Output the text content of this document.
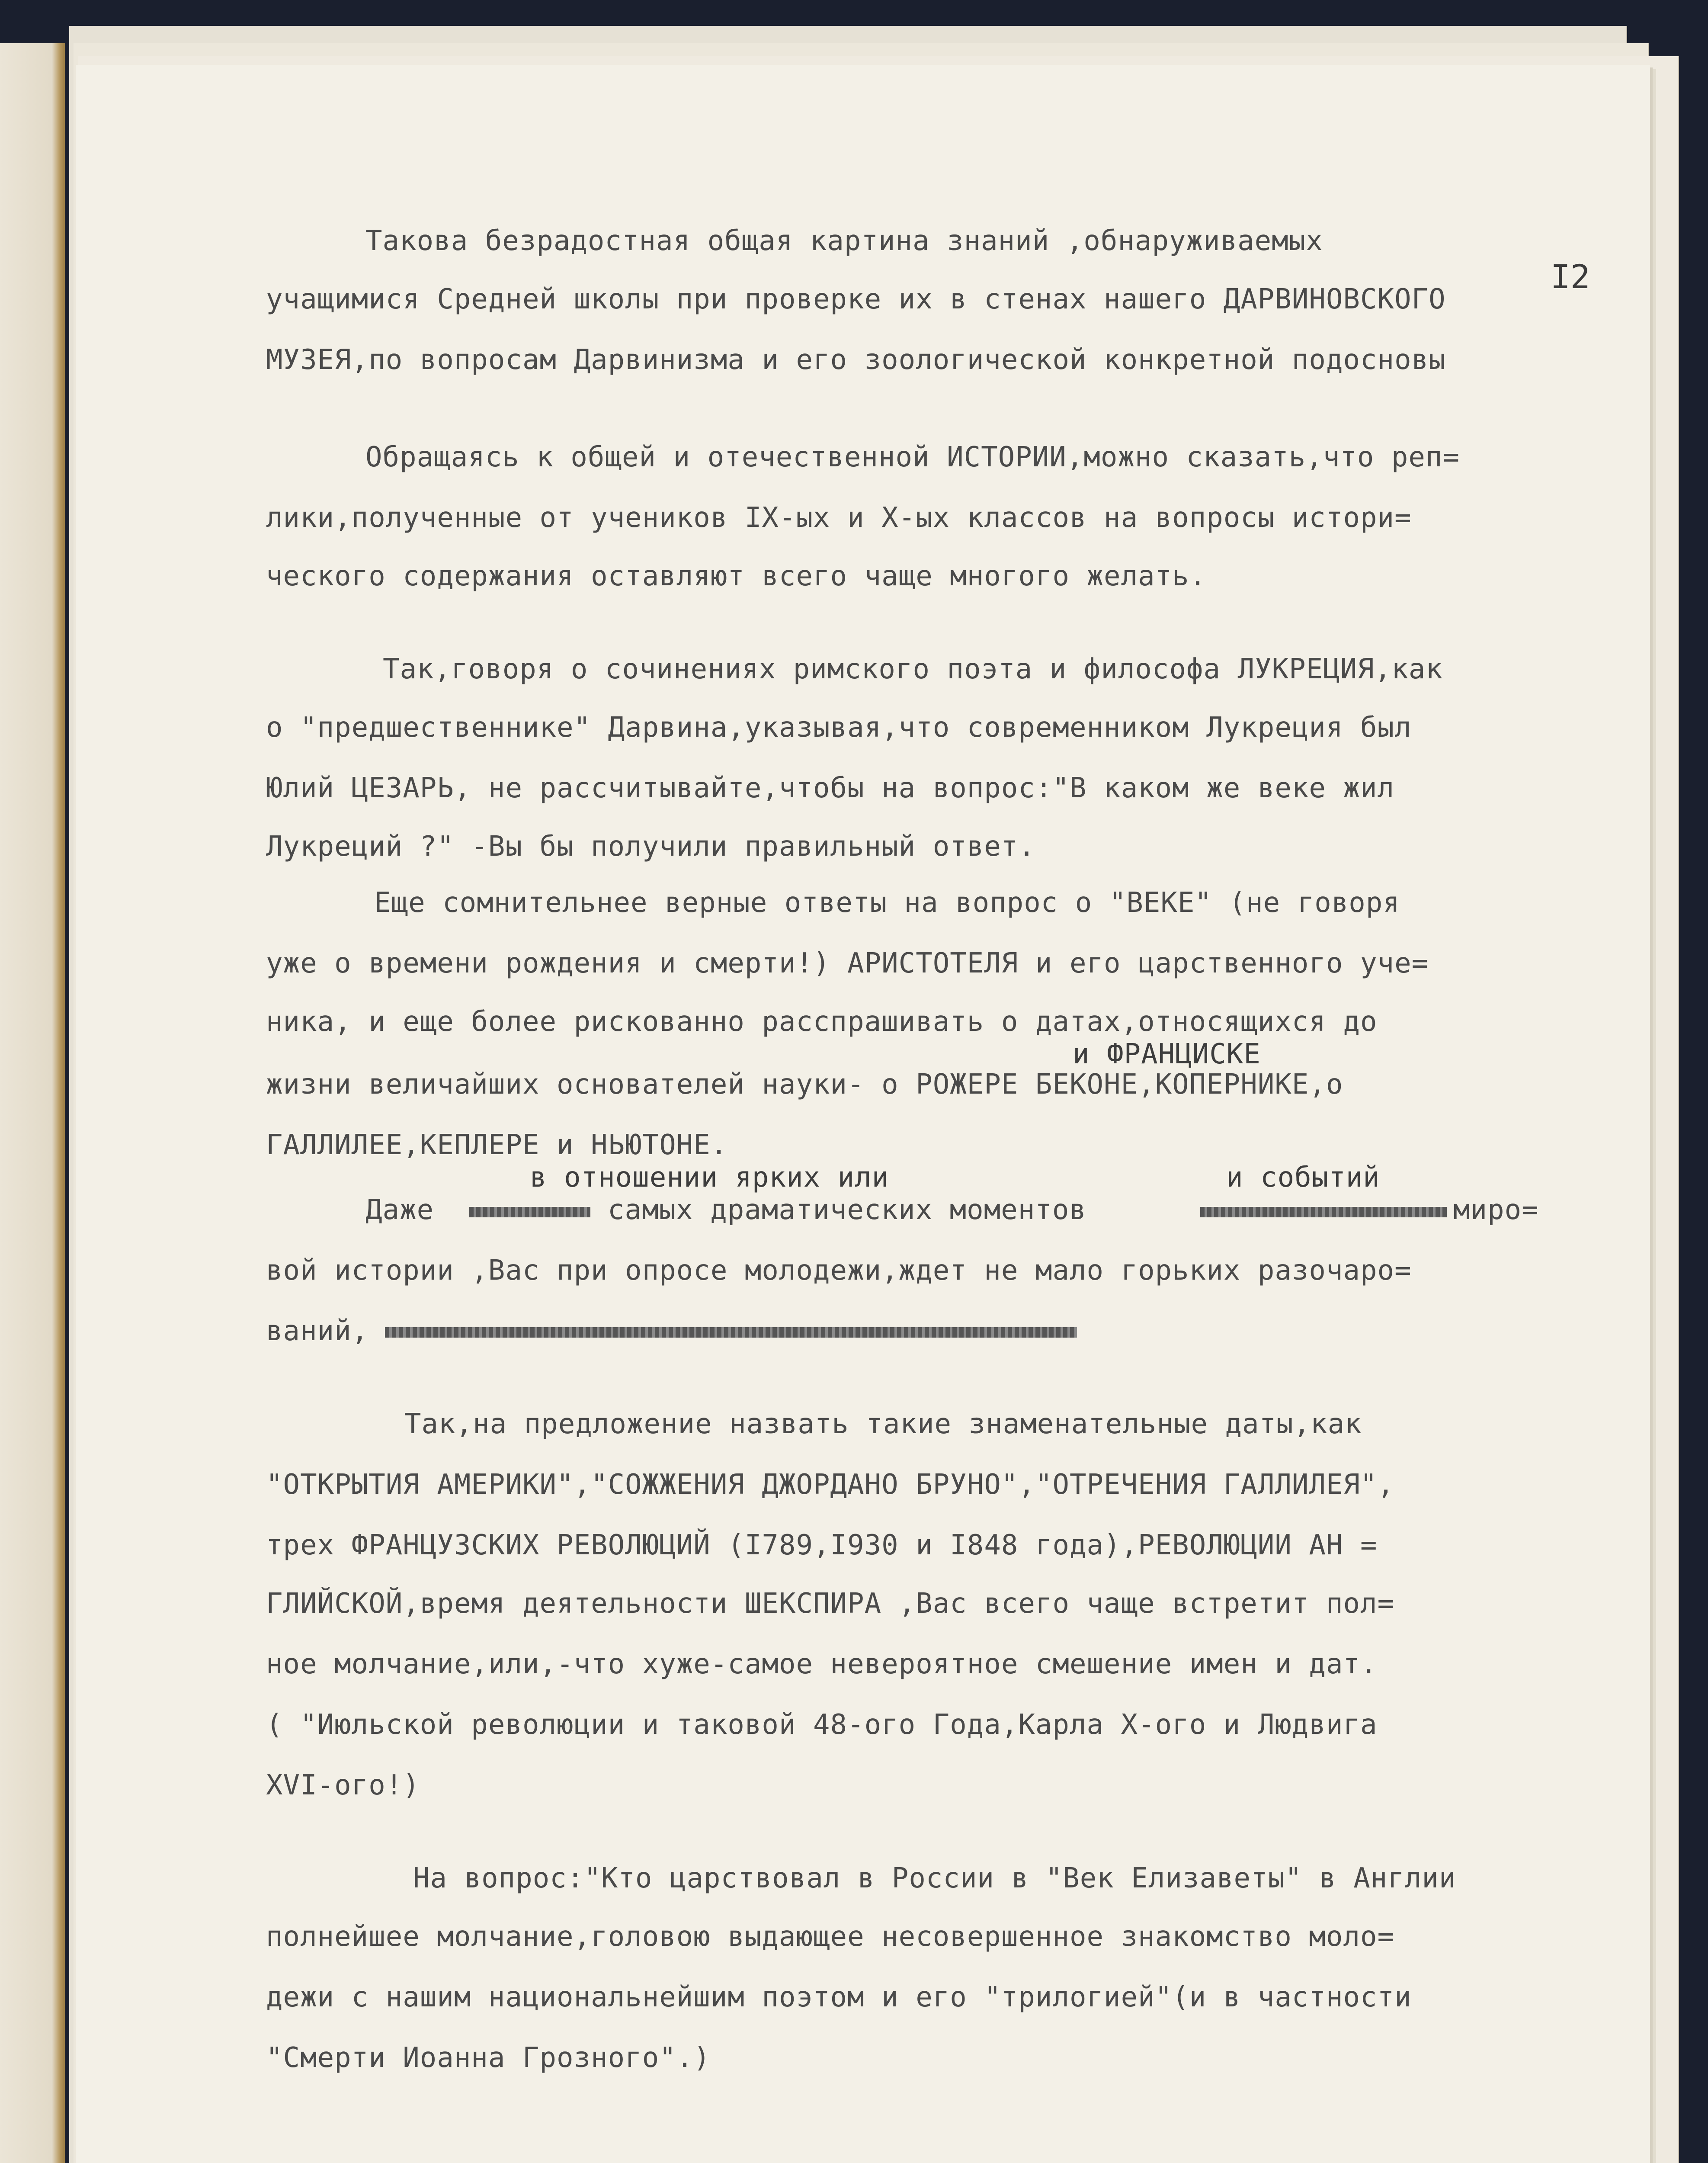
I2
Такова безрадостная общая картина знаний ,обнаруживаемых
учащимися Средней школы при проверке их в стенах нашего ДАРВИНОВСКОГО
МУЗЕЯ,по вопросам Дарвинизма и его зоологической конкретной подосновы
Обращаясь к общей и отечественной ИСТОРИИ,можно сказать,что реп=
лики,полученные от учеников IX-ых и X-ых классов на вопросы истори=
ческого содержания оставляют всего чаще многого желать.
Так,говоря о сочинениях римского поэта и философа ЛУКРЕЦИЯ,как
о "предшественнике" Дарвина,указывая,что современником Лукреция был
Юлий ЦЕЗАРЬ, не рассчитывайте,чтобы на вопрос:"В каком же веке жил
Лукреций ?" -Вы бы получили правильный ответ.
Еще сомнительнее верные ответы на вопрос о "ВЕКЕ" (не говоря
уже о времени рождения и смерти!) АРИСТОТЕЛЯ и его царственного уче=
ника, и еще более рискованно расспрашивать о датах,относящихся до
и ФРАНЦИСКЕ
жизни величайших основателей науки- о РОЖЕРЕ БЕКОНЕ,КОПЕРНИКЕ,о
ГАЛЛИЛЕЕ,КЕПЛЕРЕ и НЬЮТОНЕ.
в отношении ярких или	и событий
Даже	самых драматических моментов	миро=
вой истории ,Вас при опросе молодежи,ждет не мало горьких разочаро=
ваний,
Так,на предложение назвать такие знаменательные даты,как
"ОТКРЫТИЯ АМЕРИКИ","СОЖЖЕНИЯ ДЖОРДАНО БРУНО","ОТРЕЧЕНИЯ ГАЛЛИЛЕЯ",
трех ФРАНЦУЗСКИХ РЕВОЛЮЦИЙ (I789,I930 и I848 года),РЕВОЛЮЦИИ АН =
ГЛИЙСКОЙ,время деятельности ШЕКСПИРА ,Вас всего чаще встретит пол=
ное молчание,или,-что хуже-самое невероятное смешение имен и дат.
( "Июльской революции и таковой 48-ого Года,Карла X-ого и Людвига
XVI-ого!)
На вопрос:"Кто царствовал в России в "Век Елизаветы" в Англии
полнейшее молчание,головою выдающее несовершенное знакомство моло=
дежи с нашим национальнейшим поэтом и его "трилогией"(и в частности
"Смерти Иоанна Грозного".)
